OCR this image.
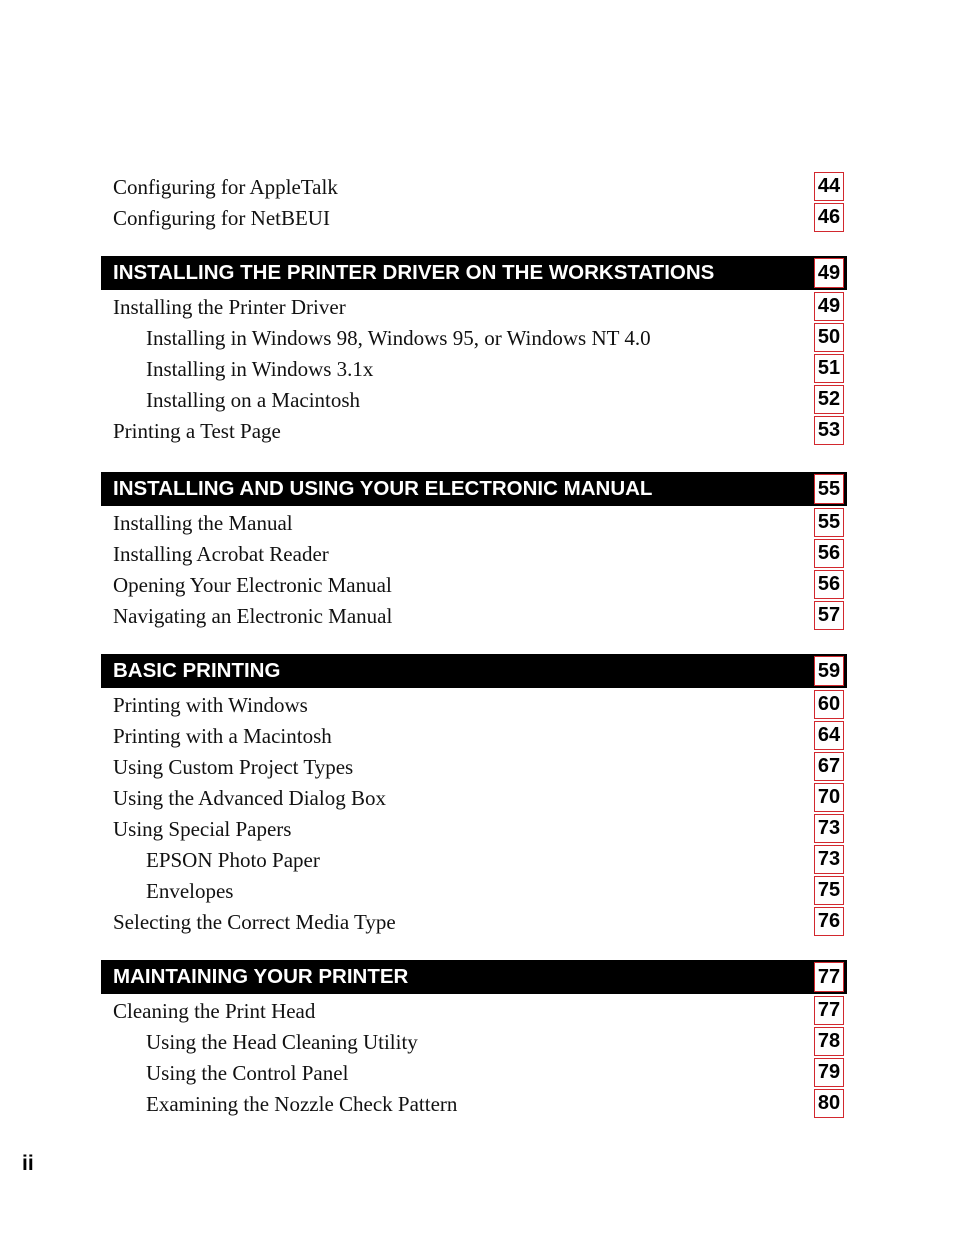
Configuring for AppleTalk	44
Configuring for NetBEUI	46
INSTALLING THE PRINTER DRIVER ON THE WORKSTATIONS	49
Installing the Printer Driver	49
Installing in Windows 98, Windows 95, or Windows NT 4.0	50
Installing in Windows 3.1x	51
Installing on a Macintosh	52
Printing a Test Page	53
INSTALLING AND USING YOUR ELECTRONIC MANUAL	55
Installing the Manual	55
Installing Acrobat Reader	56
Opening Your Electronic Manual	56
Navigating an Electronic Manual	57
BASIC PRINTING	59
Printing with Windows	60
Printing with a Macintosh	64
Using Custom Project Types	67
Using the Advanced Dialog Box	70
Using Special Papers	73
EPSON Photo Paper	73
Envelopes	75
Selecting the Correct Media Type	76
MAINTAINING YOUR PRINTER	77
Cleaning the Print Head	77
Using the Head Cleaning Utility	78
Using the Control Panel	79
Examining the Nozzle Check Pattern	80
ii
